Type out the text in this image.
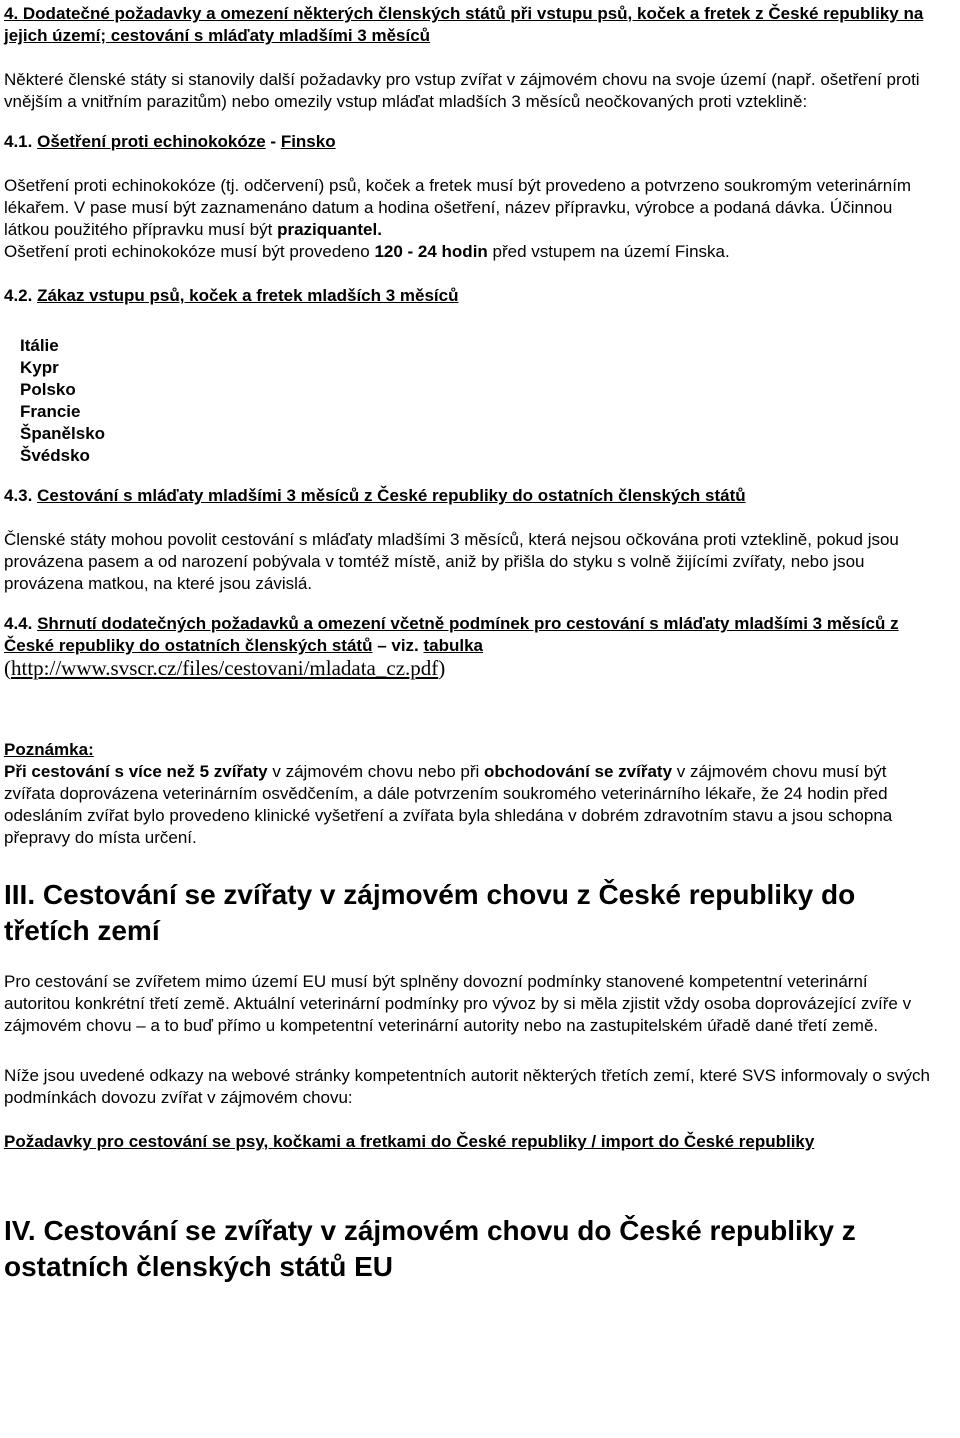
4. Dodatečné požadavky a omezení některých členských států při vstupu psů, koček a fretek z České republiky na jejich území; cestování s mláďaty mladšími 3 měsíců

Některé členské státy si stanovily další požadavky pro vstup zvířat v zájmovém chovu na svoje území (např. ošetření proti vnějším a vnitřním parazitům) nebo omezily vstup mláďat mladších 3 měsíců neočkovaných proti vzteklině:

4.1. Ošetření proti echinokokóze - Finsko

Ošetření proti echinokokóze (tj. odčervení) psů, koček a fretek musí být provedeno a potvrzeno soukromým veterinárním lékařem. V pase musí být zaznamenáno datum a hodina ošetření, název přípravku, výrobce a podaná dávka. Účinnou látkou použitého přípravku musí být praziquantel.

Ošetření proti echinokokóze musí být provedeno 120 - 24 hodin před vstupem na území Finska.

4.2. Zákaz vstupu psů, koček a fretek mladších 3 měsíců

Itálie

Kypr

Polsko

Francie

Španělsko

Švédsko

4.3. Cestování s mláďaty mladšími 3 měsíců z České republiky do ostatních členských států

Členské státy mohou povolit cestování s mláďaty mladšími 3 měsíců, která nejsou očkována proti vzteklině, pokud jsou provázena pasem a od narození pobývala v tomtéž místě, aniž by přišla do styku s volně žijícími zvířaty, nebo jsou provázena matkou, na které jsou závislá.

4.4. Shrnutí dodatečných požadavků a omezení včetně podmínek pro cestování s mláďaty mladšími 3 měsíců z České republiky do ostatních členských států – viz. tabulka

(http://www.svscr.cz/files/cestovani/mladata_cz.pdf)

Poznámka:

Při cestování s více než 5 zvířaty v zájmovém chovu nebo při obchodování se zvířaty v zájmovém chovu musí být zvířata doprovázena veterinárním osvědčením, a dále potvrzením soukromého veterinárního lékaře, že 24 hodin před odesláním zvířat bylo provedeno klinické vyšetření a zvířata byla shledána v dobrém zdravotním stavu a jsou schopna přepravy do místa určení.

III. Cestování se zvířaty v zájmovém chovu z České republiky do třetích zemí

Pro cestování se zvířetem mimo území EU musí být splněny dovozní podmínky stanovené kompetentní veterinární autoritou konkrétní třetí země. Aktuální veterinární podmínky pro vývoz by si měla zjistit vždy osoba doprovázející zvíře v zájmovém chovu – a to buď přímo u kompetentní veterinární autority nebo na zastupitelském úřadě dané třetí země.

Níže jsou uvedené odkazy na webové stránky kompetentních autorit některých třetích zemí, které SVS informovaly o svých podmínkách dovozu zvířat v zájmovém chovu:

Požadavky pro cestování se psy, kočkami a fretkami do České republiky / import do České republiky

IV. Cestování se zvířaty v zájmovém chovu do České republiky z ostatních členských států EU
